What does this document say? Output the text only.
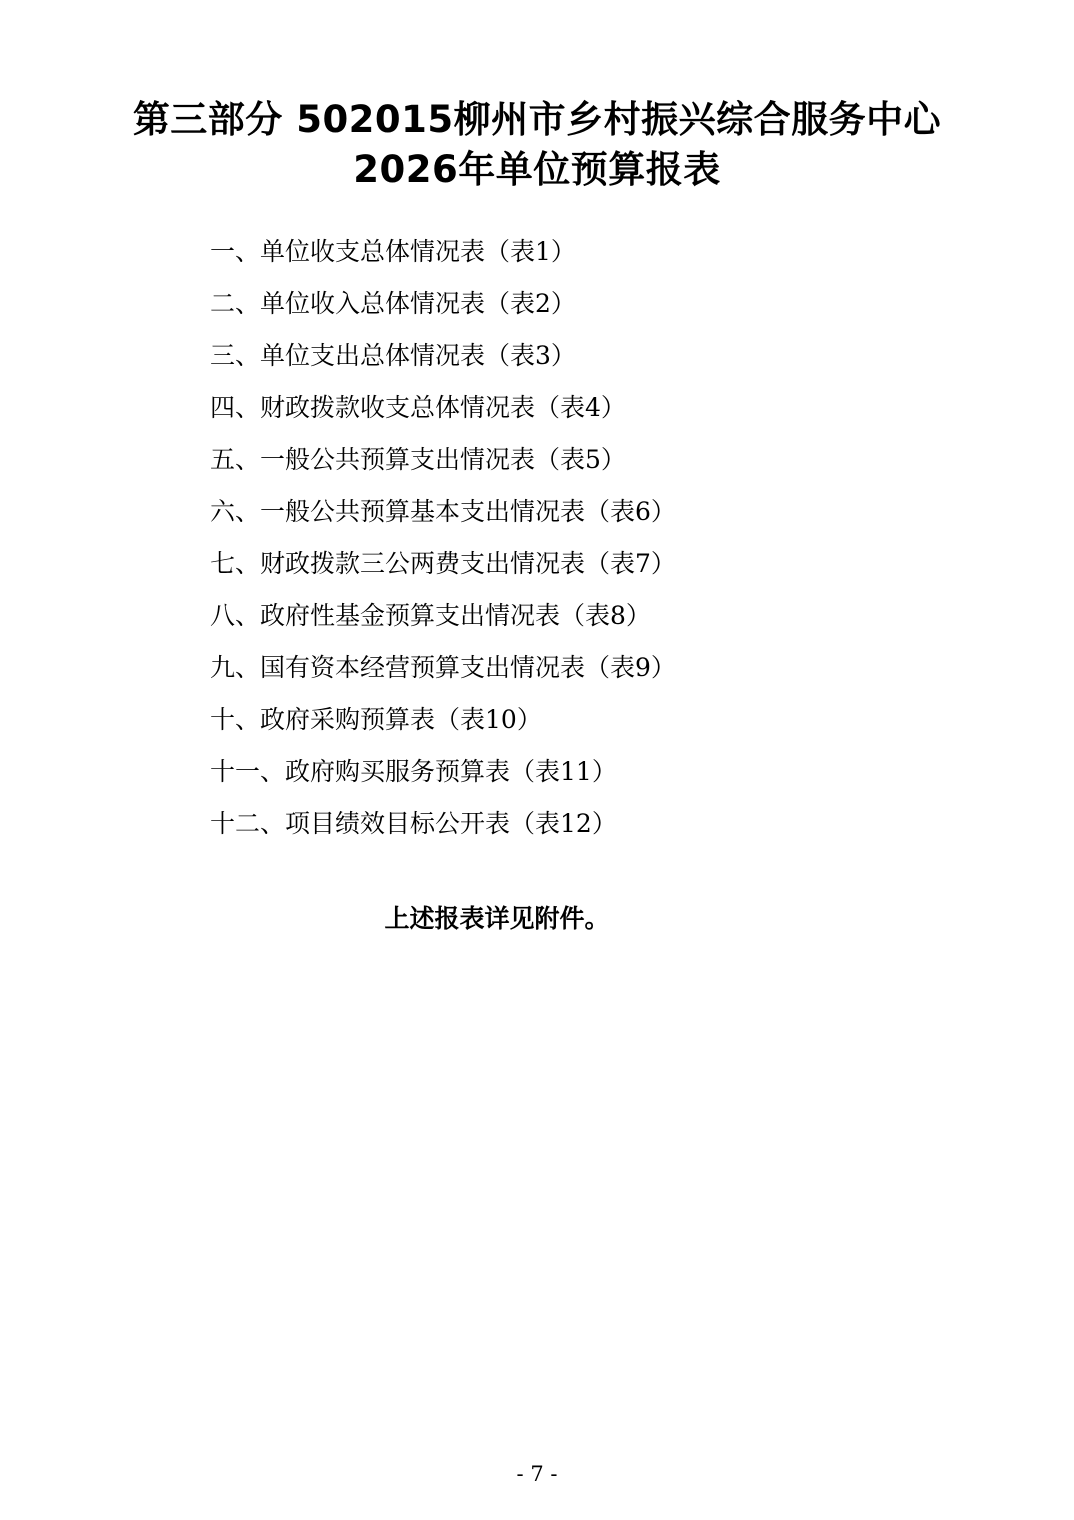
第三部分 502015柳州市乡村振兴综合服务中心2026年单位预算报表
一、单位收支总体情况表（表1）
二、单位收入总体情况表（表2）
三、单位支出总体情况表（表3）
四、财政拨款收支总体情况表（表4）
五、一般公共预算支出情况表（表5）
六、一般公共预算基本支出情况表（表6）
七、财政拨款三公两费支出情况表（表7）
八、政府性基金预算支出情况表（表8）
九、国有资本经营预算支出情况表（表9）
十、政府采购预算表（表10）
十一、政府购买服务预算表（表11）
十二、项目绩效目标公开表（表12）

上述报表详见附件。

- 7 -
